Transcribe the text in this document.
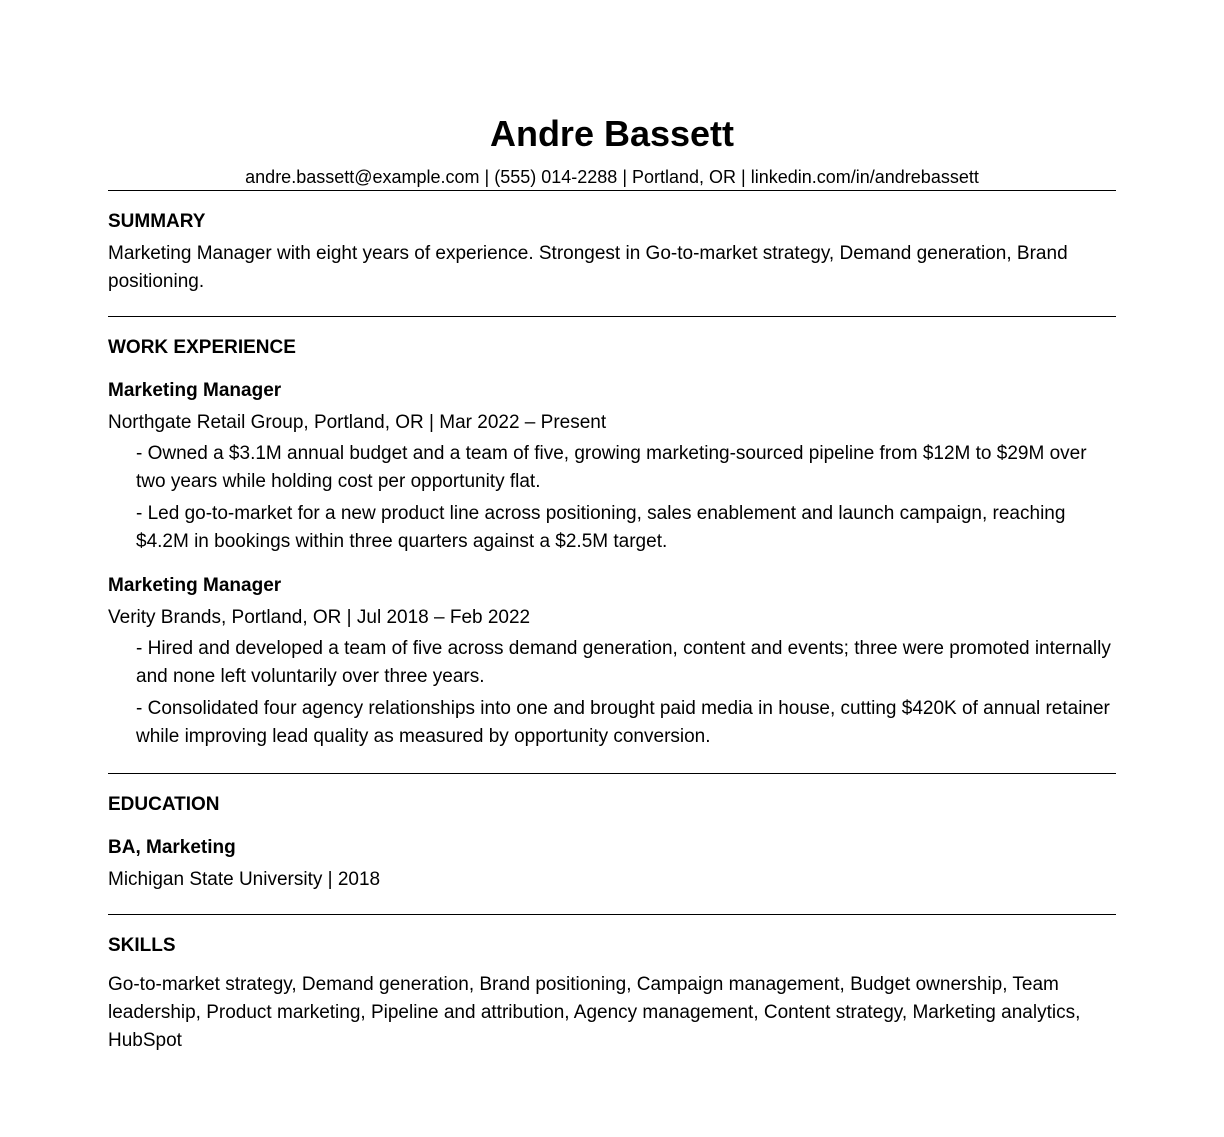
Andre Bassett
andre.bassett@example.com | (555) 014-2288 | Portland, OR | linkedin.com/in/andrebassett
SUMMARY

Marketing Manager with eight years of experience. Strongest in Go-to-market strategy, Demand generation, Brand positioning.

WORK EXPERIENCE
Marketing Manager
Northgate Retail Group, Portland, OR | Mar 2022 – Present
- Owned a $3.1M annual budget and a team of five, growing marketing-sourced pipeline from $12M to $29M over two years while holding cost per opportunity flat.
- Led go-to-market for a new product line across positioning, sales enablement and launch campaign, reaching $4.2M in bookings within three quarters against a $2.5M target.
Marketing Manager
Verity Brands, Portland, OR | Jul 2018 – Feb 2022
- Hired and developed a team of five across demand generation, content and events; three were promoted internally and none left voluntarily over three years.
- Consolidated four agency relationships into one and brought paid media in house, cutting $420K of annual retainer while improving lead quality as measured by opportunity conversion.
EDUCATION
BA, Marketing
Michigan State University | 2018
SKILLS

Go-to-market strategy, Demand generation, Brand positioning, Campaign management, Budget ownership, Team leadership, Product marketing, Pipeline and attribution, Agency management, Content strategy, Marketing analytics, HubSpot
